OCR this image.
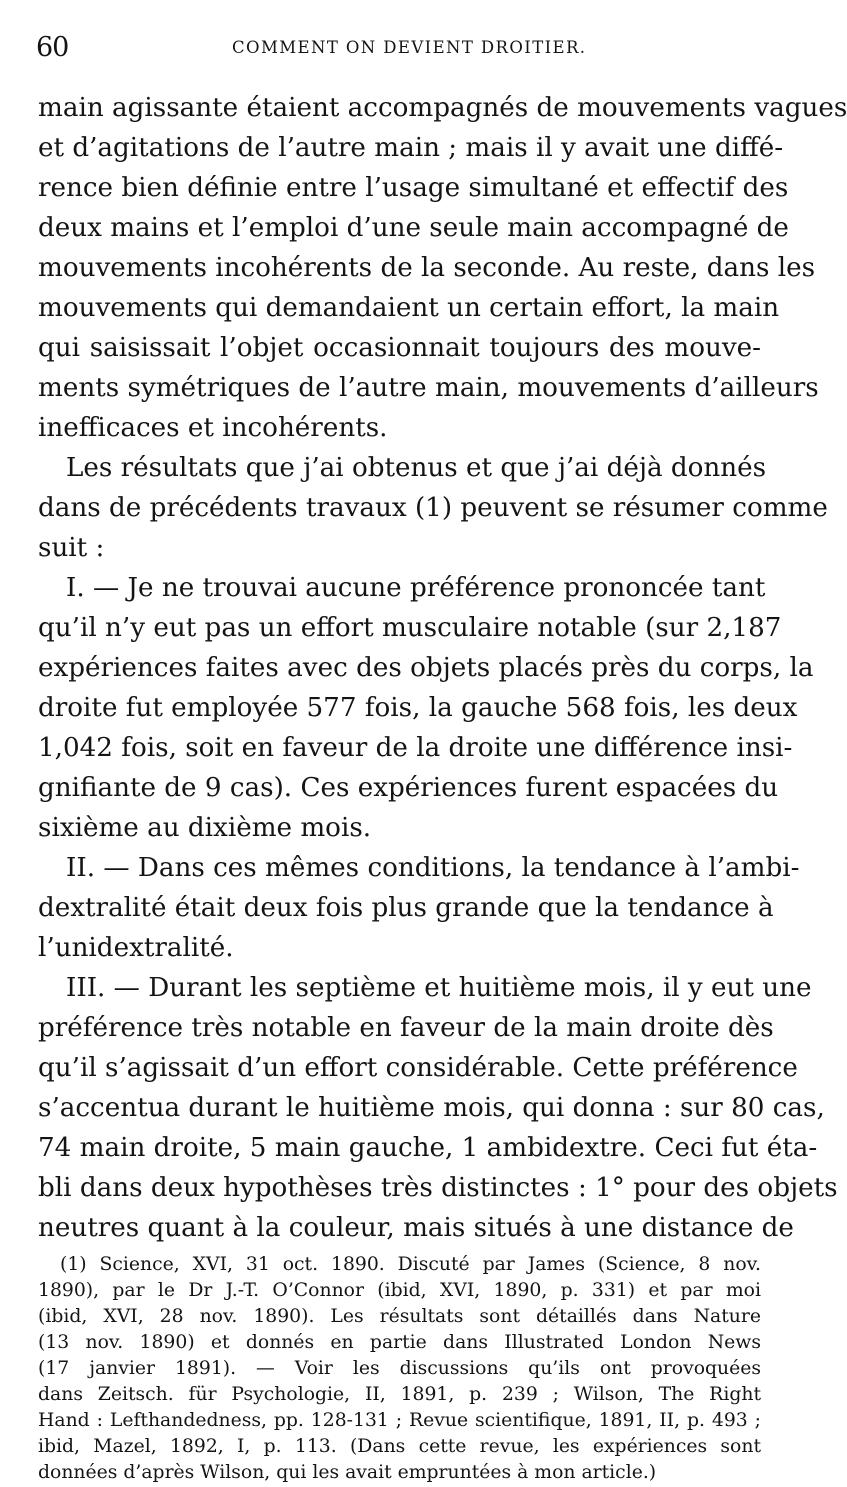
60	COMMENT ON DEVIENT DROITIER.
main agissante étaient accompagnés de mouvements vagues
et d’agitations de l’autre main ; mais il y avait une diffé-
rence bien définie entre l’usage simultané et effectif des
deux mains et l’emploi d’une seule main accompagné de
mouvements incohérents de la seconde. Au reste, dans les
mouvements qui demandaient un certain effort, la main
qui saisissait l’objet occasionnait toujours des mouve-
ments symétriques de l’autre main, mouvements d’ailleurs
inefficaces et incohérents.
Les résultats que j’ai obtenus et que j’ai déjà donnés
dans de précédents travaux (1) peuvent se résumer comme
suit :
I. — Je ne trouvai aucune préférence prononcée tant
qu’il n’y eut pas un effort musculaire notable (sur 2,187
expériences faites avec des objets placés près du corps, la
droite fut employée 577 fois, la gauche 568 fois, les deux
1,042 fois, soit en faveur de la droite une différence insi-
gnifiante de 9 cas). Ces expériences furent espacées du
sixième au dixième mois.
II. — Dans ces mêmes conditions, la tendance à l’ambi-
dextralité était deux fois plus grande que la tendance à
l’unidextralité.
III. — Durant les septième et huitième mois, il y eut une
préférence très notable en faveur de la main droite dès
qu’il s’agissait d’un effort considérable. Cette préférence
s’accentua durant le huitième mois, qui donna : sur 80 cas,
74 main droite, 5 main gauche, 1 ambidextre. Ceci fut éta-
bli dans deux hypothèses très distinctes : 1° pour des objets
neutres quant à la couleur, mais situés à une distance de
(1) Science, XVI, 31 oct. 1890. Discuté par James (Science, 8 nov.
1890), par le Dr J.-T. O’Connor (ibid, XVI, 1890, p. 331) et par moi
(ibid, XVI, 28 nov. 1890). Les résultats sont détaillés dans Nature
(13 nov. 1890) et donnés en partie dans Illustrated London News
(17 janvier 1891). — Voir les discussions qu’ils ont provoquées
dans Zeitsch. für Psychologie, II, 1891, p. 239 ; Wilson, The Right
Hand : Lefthandedness, pp. 128-131 ; Revue scientifique, 1891, II, p. 493 ;
ibid, Mazel, 1892, I, p. 113. (Dans cette revue, les expériences sont
données d’après Wilson, qui les avait empruntées à mon article.)
